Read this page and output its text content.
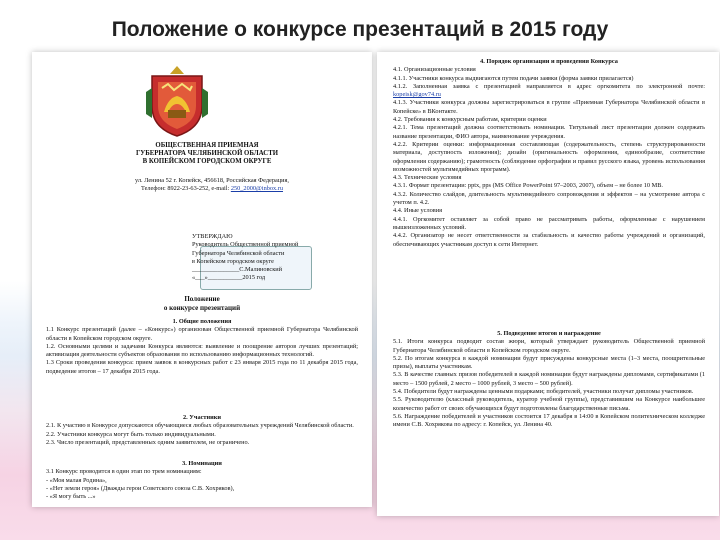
Положение о конкурсе презентаций в 2015 году
ОБЩЕСТВЕННАЯ ПРИЕМНАЯ
ГУБЕРНАТОРА ЧЕЛЯБИНСКОЙ ОБЛАСТИ
В КОПЕЙСКОМ ГОРОДСКОМ ОКРУГЕ
ул. Ленина 52 г. Копейск, 456618, Российская Федерация,
Телефон: 8922-23-63-252, e-mail: 250_2000@inbox.ru
УТВЕРЖДАЮ
Руководитель Общественной приемной
Губернатора Челябинской области
в Копейском городском округе
_______________С.Малиновский
«___»___________2015 год
Положение
о конкурсе презентаций

1. Общие положения

1.1 Конкурс презентаций (далее – «Конкурс») организован Общественной приемной Губернатора Челябинской области в Копейском городском округе.

1.2. Основными целями и задачами Конкурса являются: выявление и поощрение авторов лучших презентаций; активизация деятельности субъектов образования по использованию информационных технологий.

1.3 Сроки проведения конкурса: прием заявок в конкурсных работ с 23 января 2015 года по 11 декабря 2015 года, подведение итогов – 17 декабря 2015 года.

2. Участники

2.1. К участию в Конкурсе допускаются обучающиеся любых образовательных учреждений Челябинской области.

2.2. Участники конкурса могут быть только индивидуальными.

2.3. Число презентаций, представленных одним заявителем, не ограничено.

3. Номинации

3.1 Конкурс проводится в один этап по трем номинациям:

- «Моя малая Родина»,

- «Нет земли героя» (Дважды герои Советского союза С.В. Хохряков),

- «Я могу быть ...»

4. Порядок организации и проведения Конкурса

4.1. Организационные условия

4.1.1. Участники конкурса выдвигаются путем подачи заявки (форма заявки прилагается)

4.1.2. Заполненная заявка с презентацией направляется в адрес оргкомитета по электронной почте: kopeisk@gov74.ru

4.1.3. Участники конкурса должны зарегистрироваться в группе «Приемная Губернатора Челябинской области в Копейске» в ВКонтакте.

4.2. Требования к конкурсным работам, критерии оценки

4.2.1. Тема презентаций должна соответствовать номинации. Титульный лист презентации должен содержать название презентации, ФИО автора, наименование учреждения.

4.2.2. Критерии оценки: информационная составляющая (содержательность, степень структурированности материала, доступность изложения); дизайн (оригинальность оформления, единообразие, соответствие оформления содержанию); грамотность (соблюдение орфографии и правил русского языка, уровень использования возможностей мультимедийных программ).

4.3. Технические условия

4.3.1. Формат презентации: pptx, pps (MS Office PowerPoint 97–2003, 2007), объем – не более 10 MB.

4.3.2. Количество слайдов, длительность мультимедийного сопровождения и эффектов – на усмотрение автора с учетом п. 4.2.

4.4. Иные условия

4.4.1. Оргкомитет оставляет за собой право не рассматривать работы, оформленные с нарушением вышеизложенных условий.

4.4.2. Организатор не несет ответственности за стабильность и качество работы учреждений и организаций, обеспечивающих участникам доступ к сети Интернет.

5. Подведение итогов и награждение

5.1. Итоги конкурса подводит состав жюри, который утверждает руководитель Общественной приемной Губернатора Челябинской области в Копейском городском округе.

5.2. По итогам конкурса в каждой номинации будут присуждены конкурсные места (1–3 места, поощрительные призы), выплаты участникам.

5.3. В качестве главных призов победителей в каждой номинации будут награждены дипломами, сертификатами (1 место – 1500 рублей, 2 место – 1000 рублей, 3 место – 500 рублей).

5.4. Победители будут награждены ценными подарками; победителей, участники получат дипломы участников.

5.5. Руководителю (классный руководитель, куратор учебной группы), представившим на Конкурсе наибольшее количество работ от своих обучающихся будут подготовлены благодарственные письма.

5.6. Награждение победителей и участников состоится 17 декабря в 14:00 в Копейском политехническом колледже имени С.В. Хохрякова по адресу: г. Копейск, ул. Ленина 40.
